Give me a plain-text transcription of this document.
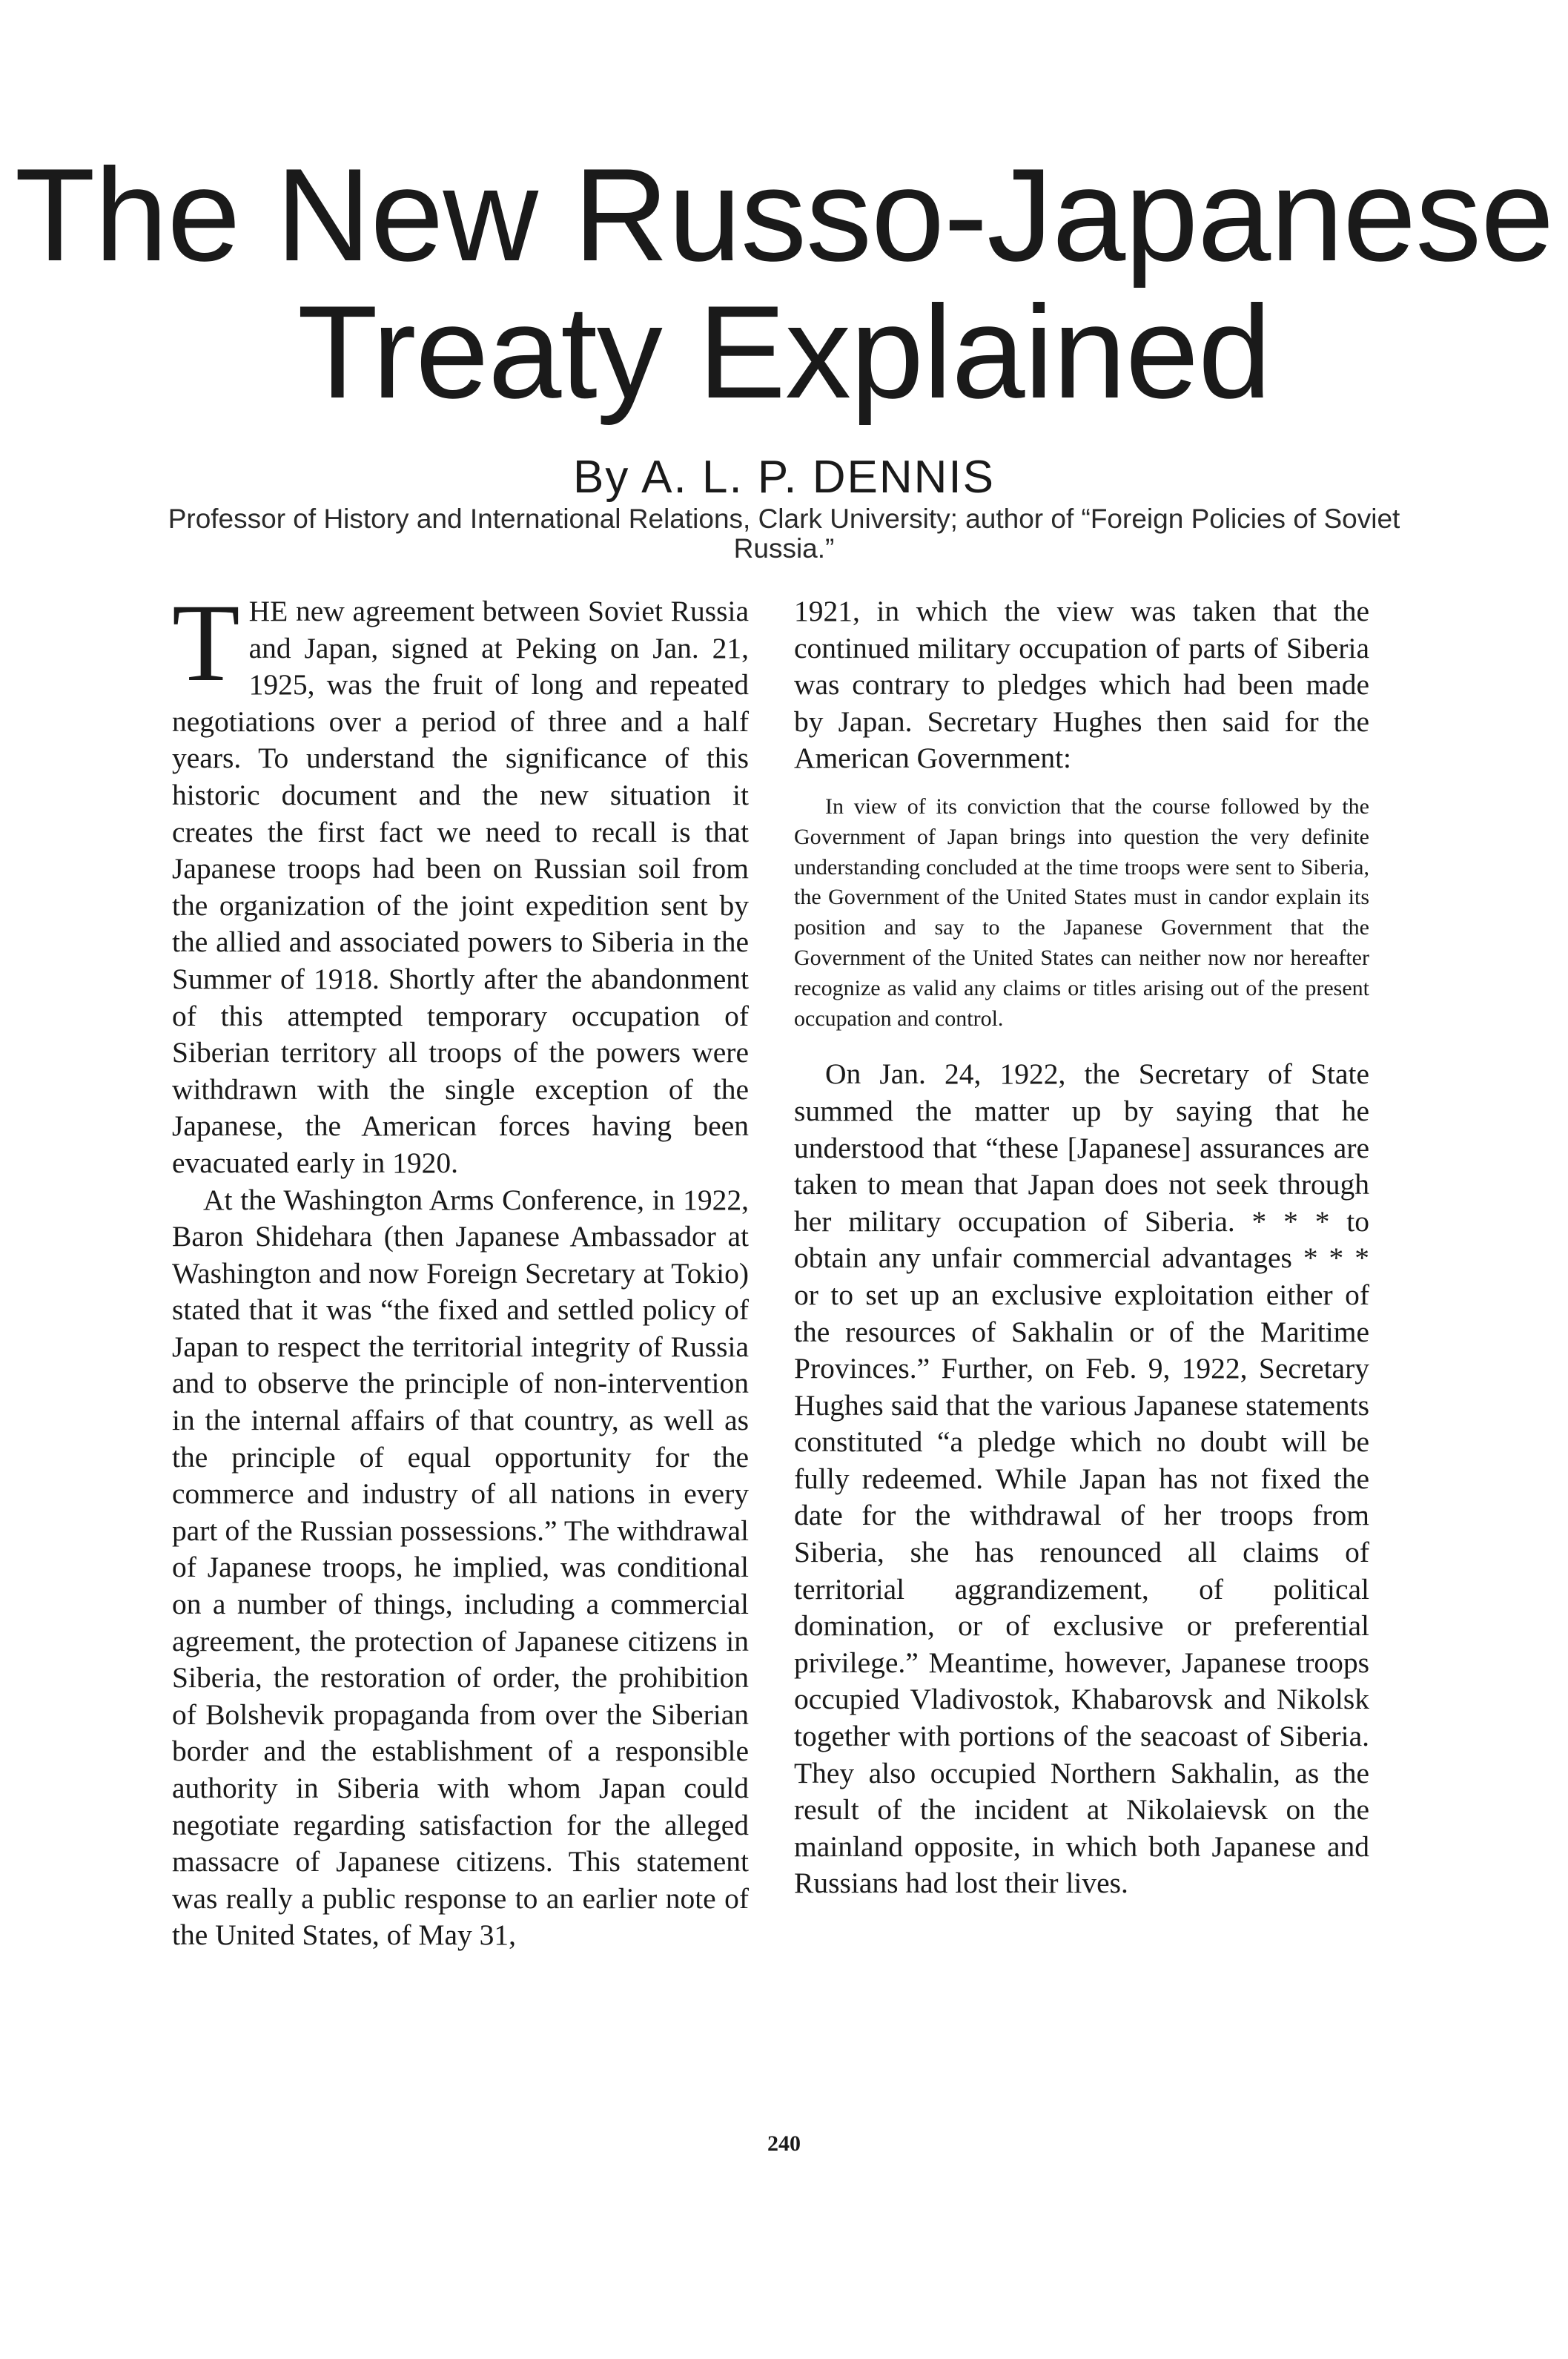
The New Russo-Japanese
Treaty Explained
By A. L. P. DENNIS
Professor of History and International Relations, Clark University; author of “Foreign Policies of Soviet Russia.”
T HE new agreement between Soviet Russia and Japan, signed at Peking on Jan. 21, 1925, was the fruit of long and repeated negotiations over a period of three and a half years. To understand the significance of this historic document and the new situation it creates the first fact we need to recall is that Japanese troops had been on Russian soil from the organization of the joint expedition sent by the allied and associated powers to Siberia in the Summer of 1918. Shortly after the abandonment of this attempted temporary occupation of Siberian territory all troops of the powers were withdrawn with the single exception of the Japanese, the American forces having been evacuated early in 1920.

At the Washington Arms Conference, in 1922, Baron Shidehara (then Japanese Ambassador at Washington and now Foreign Secretary at Tokio) stated that it was “the fixed and settled policy of Japan to respect the territorial integrity of Russia and to observe the principle of non-intervention in the internal affairs of that country, as well as the principle of equal opportunity for the commerce and industry of all nations in every part of the Russian possessions.” The withdrawal of Japanese troops, he implied, was conditional on a number of things, including a commercial agreement, the protection of Japanese citizens in Siberia, the restoration of order, the prohibition of Bolshevik propaganda from over the Siberian border and the establishment of a responsible authority in Siberia with whom Japan could negotiate regarding satisfaction for the alleged massacre of Japanese citizens. This statement was really a public response to an earlier note of the United States, of May 31,

1921, in which the view was taken that the continued military occupation of parts of Siberia was contrary to pledges which had been made by Japan. Secretary Hughes then said for the American Government:

In view of its conviction that the course followed by the Government of Japan brings into question the very definite understanding concluded at the time troops were sent to Siberia, the Government of the United States must in candor explain its position and say to the Japanese Government that the Government of the United States can neither now nor hereafter recognize as valid any claims or titles arising out of the present occupation and control.

On Jan. 24, 1922, the Secretary of State summed the matter up by saying that he understood that “these [Japanese] assurances are taken to mean that Japan does not seek through her military occupation of Siberia. * * * to obtain any unfair commercial advantages * * * or to set up an exclusive exploitation either of the resources of Sakhalin or of the Maritime Provinces.” Further, on Feb. 9, 1922, Secretary Hughes said that the various Japanese statements constituted “a pledge which no doubt will be fully redeemed. While Japan has not fixed the date for the withdrawal of her troops from Siberia, she has renounced all claims of territorial aggrandizement, of political domination, or of exclusive or preferential privilege.” Meantime, however, Japanese troops occupied Vladivostok, Khabarovsk and Nikolsk together with portions of the seacoast of Siberia. They also occupied Northern Sakhalin, as the result of the incident at Nikolaievsk on the mainland opposite, in which both Japanese and Russians had lost their lives.

240
